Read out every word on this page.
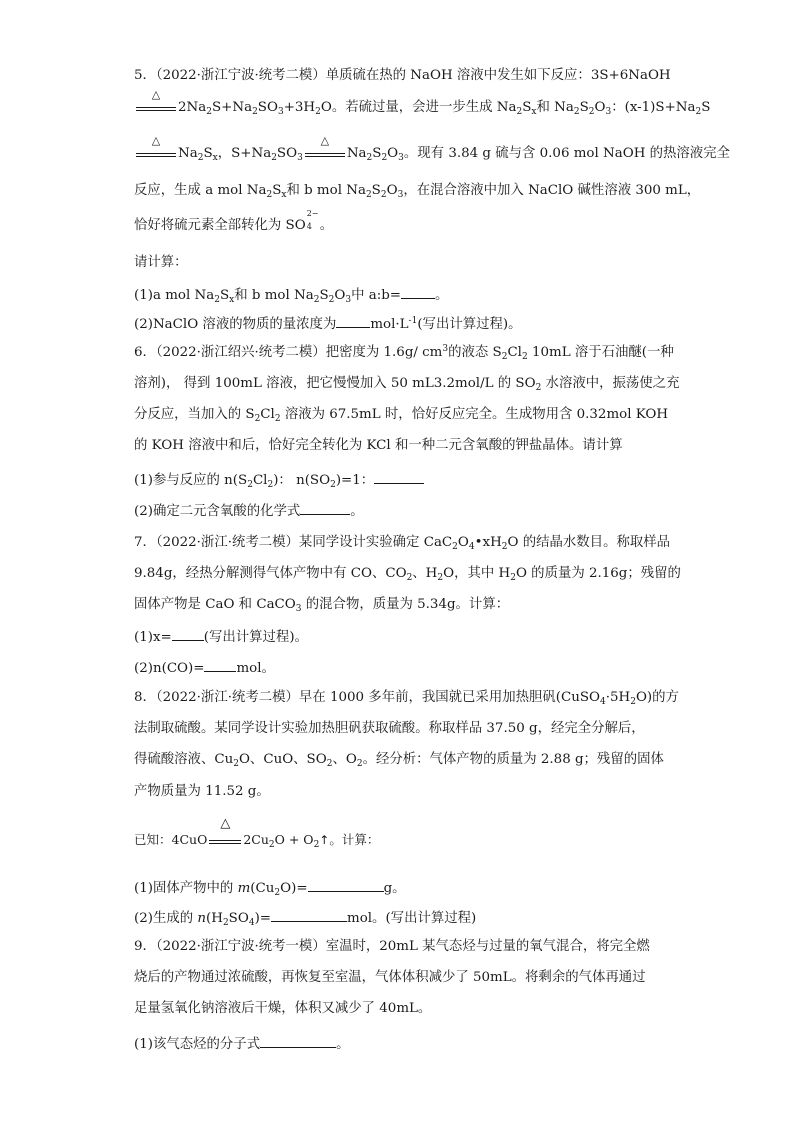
5．（2022·浙江宁波·统考二模）单质硫在热的 NaOH 溶液中发生如下反应：3S+6NaOH
△
$2Na_2S+Na_2SO_3+3H_2O$。若硫过量，会进一步生成 $Na_2S_x$和 $Na_2S_2O_3$：$(x-1)S+Na_2S$
△
$Na_2S_x$，$S+Na_2SO_3$
△
$Na_2S_2O_3$。现有 3.84 g 硫与含 0.06 mol NaOH 的热溶液完全
反应，生成 a mol $Na_2S_x$和 b mol $Na_2S_2O_3$，在混合溶液中加入 NaClO 碱性溶液 300 mL，
恰好将硫元素全部转化为 SO
2−
4 。
请计算：
(1)a mol $Na_2S_x$和 b mol $Na_2S_2O_3$中 a:b=	。
(2)NaClO 溶液的物质的量浓度为	$mol\cdot L^{-1}$(写出计算过程)。
6．（2022·浙江绍兴·统考二模）把密度为 1.6g/ $cm^3$的液态 $S_2Cl_2$ 10mL 溶于石油醚(一种
溶剂)， 得到 100mL 溶液，把它慢慢加入 50 mL3.2mol/L 的 $SO_2$ 水溶液中，振荡使之充
分反应，当加入的 $S_2Cl_2$ 溶液为 67.5mL 时，恰好反应完全。生成物用含 0.32mol KOH
的 KOH 溶液中和后，恰好完全转化为 KCl 和一种二元含氧酸的钾盐晶体。请计算
(1)参与反应的 $n(S_2Cl_2)$： $n(SO_2)=1$：
(2)确定二元含氧酸的化学式	。
7．（2022·浙江·统考二模）某同学设计实验确定 $CaC_2O_4•xH_2O$ 的结晶水数目。称取样品
9.84g，经热分解测得气体产物中有 CO、$CO_2$、$H_2O$，其中 $H_2O$ 的质量为 2.16g；残留的
固体产物是 CaO 和 CaCO$_3$ 的混合物，质量为 5.34g。计算：
(1)x= (写出计算过程)。
(2)n(CO)= mol。
8．（2022·浙江·统考二模）早在 1000 多年前，我国就已采用加热胆矾$(CuSO_4\cdot 5H_2O)$的方
法制取硫酸。某同学设计实验加热胆矾获取硫酸。称取样品 37.50 g，经完全分解后，
得硫酸溶液、$Cu_2O$、CuO、$SO_2$、$O_2$。经分析：气体产物的质量为 2.88 g；残留的固体
产物质量为 11.52 g。
已知：4CuO
△
$2Cu_2O$ + $O_2↑$。计算：
(1)固体产物中的 $m(Cu_2O)=$	g。
(2)生成的 $n(H_2SO_4)=$	mol。(写出计算过程)
9．（2022·浙江宁波·统考一模）室温时，20mL 某气态烃与过量的氧气混合，将完全燃
烧后的产物通过浓硫酸，再恢复至室温，气体体积减少了 50mL。将剩余的气体再通过
足量氢氧化钠溶液后干燥，体积又减少了 40mL。
(1)该气态烃的分子式	。
